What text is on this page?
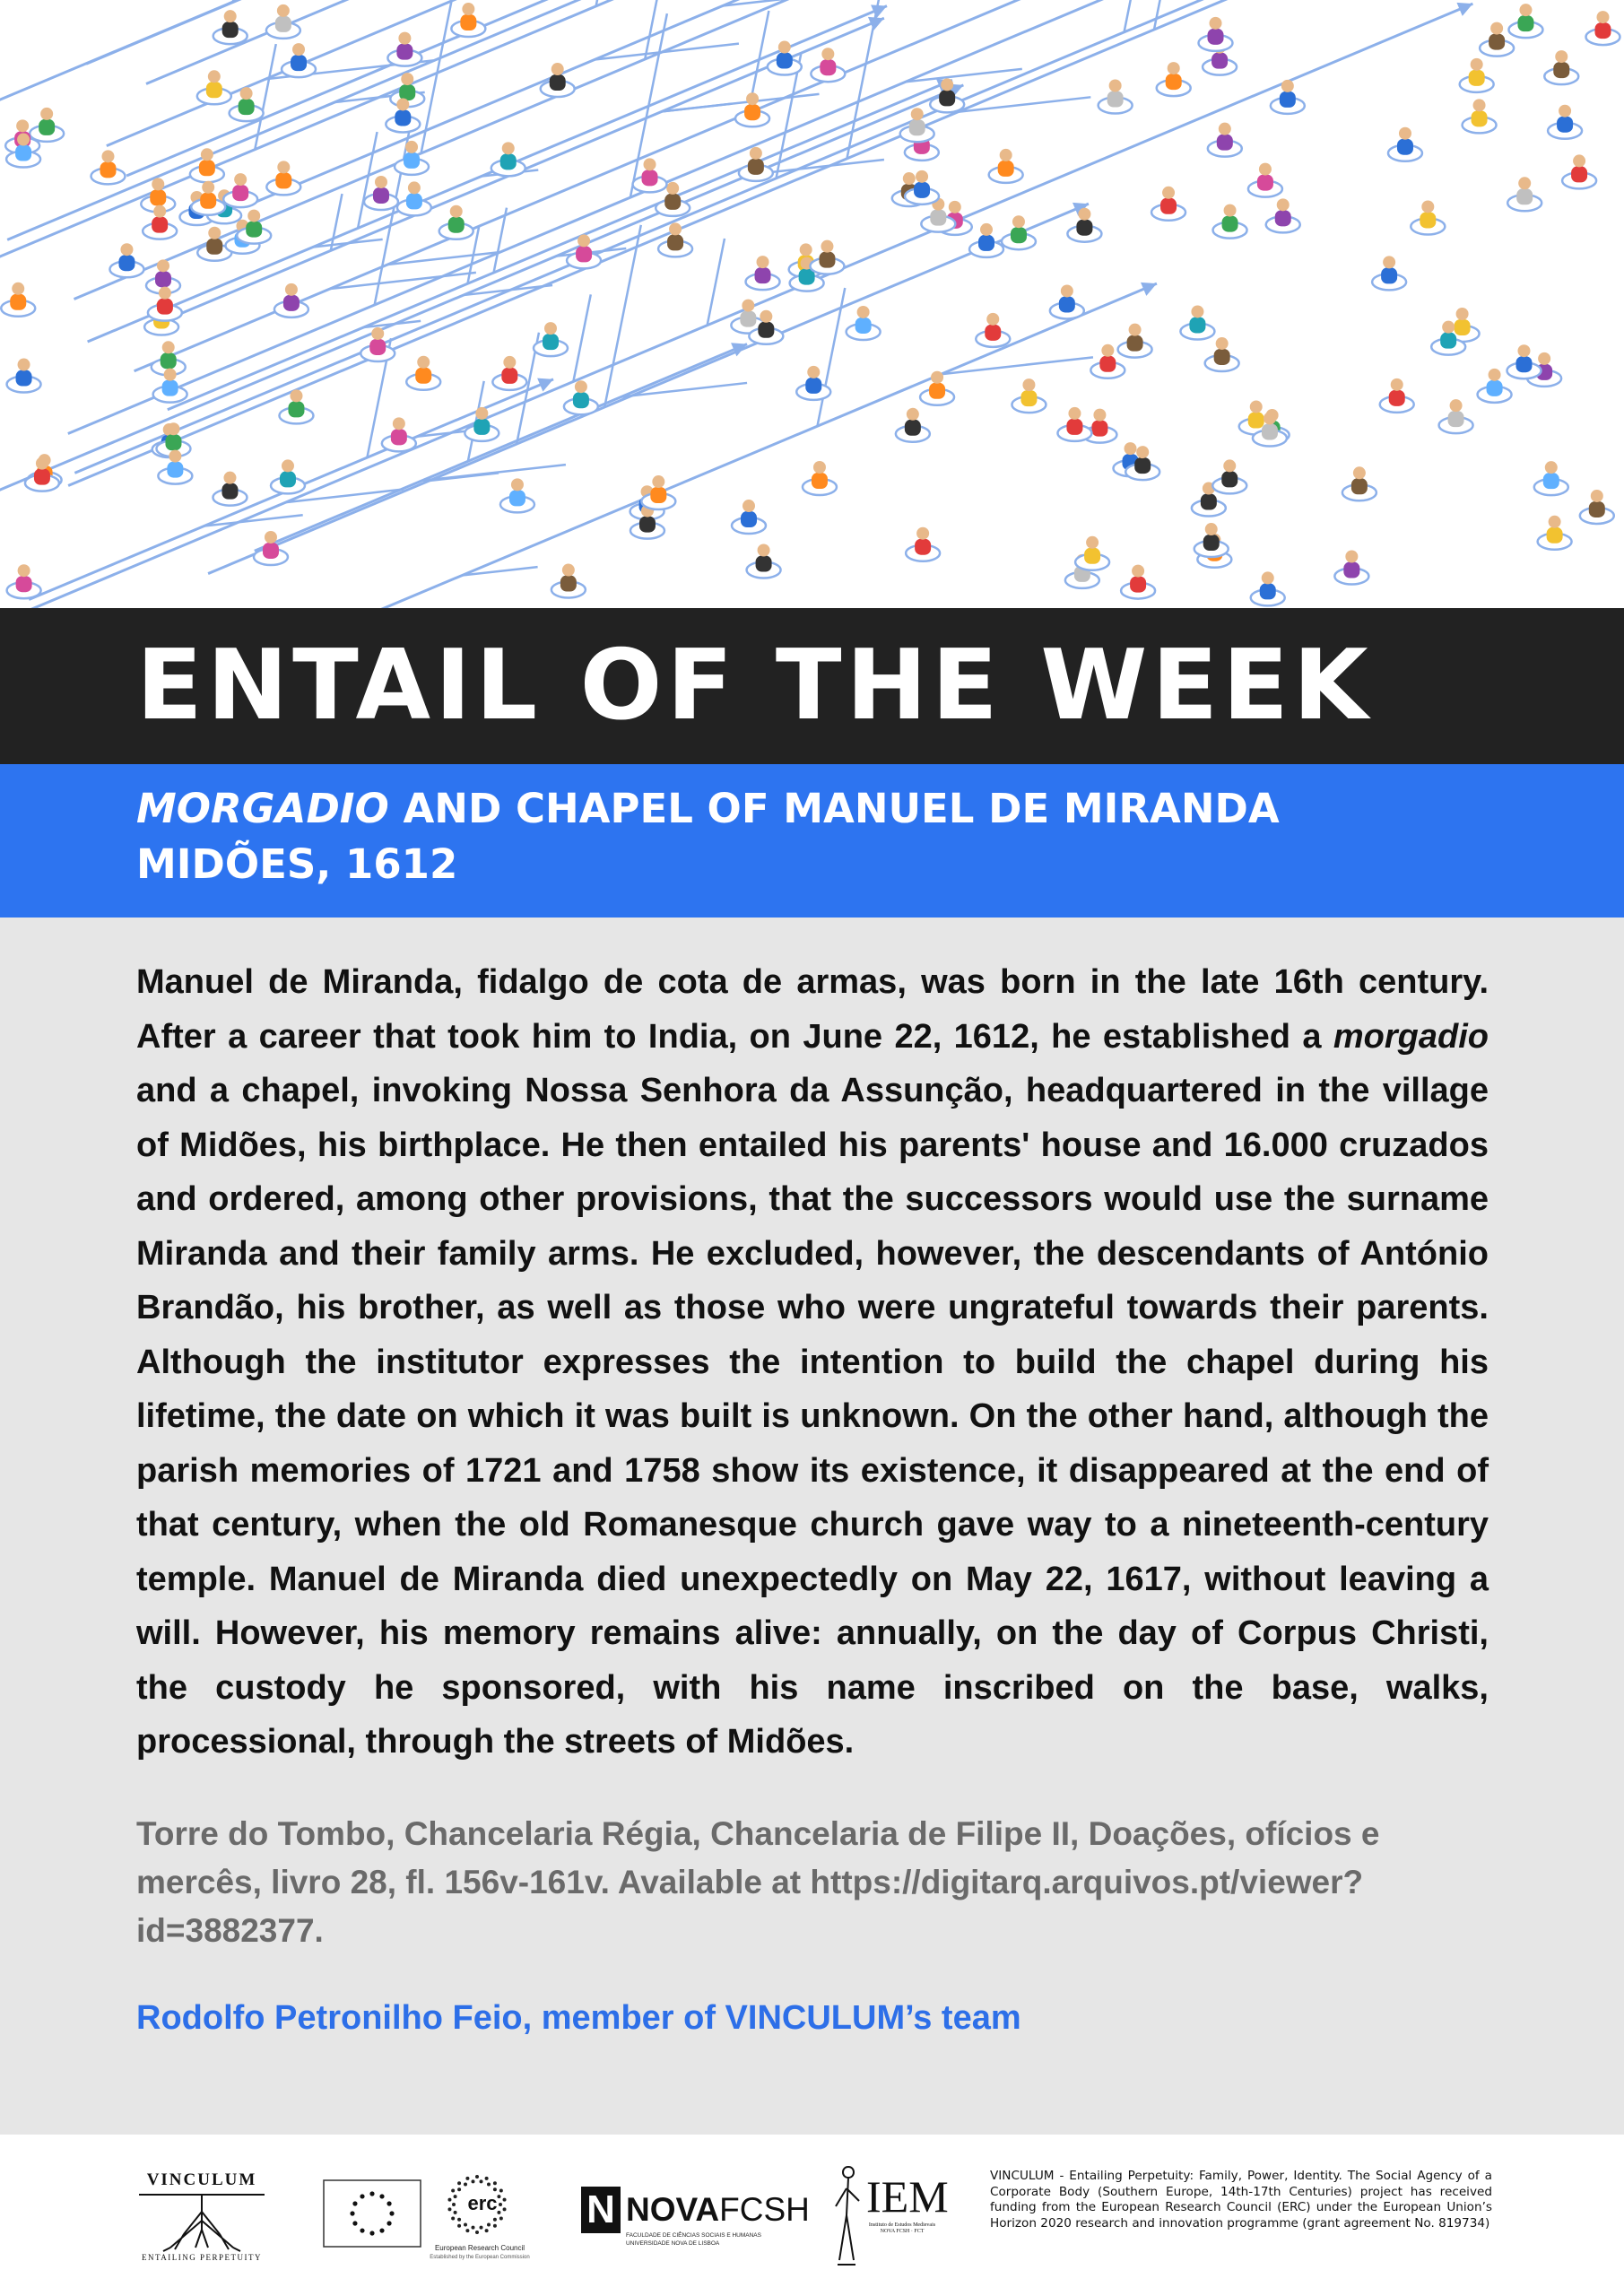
ENTAIL OF THE WEEK
MORGADIO AND CHAPEL OF MANUEL DE MIRANDA
MIDÕES, 1612

Manuel de Miranda, fidalgo de cota de armas, was born in the late 16th century. After a career that took him to India, on June 22, 1612, he established a morgadio and a chapel, invoking Nossa Senhora da Assunção, headquartered in the village of Midões, his birthplace. He then entailed his parents' house and 16.000 cruzados and ordered, among other provisions, that the successors would use the surname Miranda and their family arms. He excluded, however, the descendants of António Brandão, his brother, as well as those who were ungrateful towards their parents. Although the institutor expresses the intention to build the chapel during his lifetime, the date on which it was built is unknown. On the other hand, although the parish memories of 1721 and 1758 show its existence, it disappeared at the end of that century, when the old Romanesque church gave way to a nineteenth-century temple. Manuel de Miranda died unexpectedly on May 22, 1617, without leaving a will. However, his memory remains alive: annually, on the day of Corpus Christi, the custody he sponsored, with his name inscribed on the base, walks, processional, through the streets of Midões.

Torre do Tombo, Chancelaria Régia, Chancelaria de Filipe II, Doações, ofícios e mercês, livro 28, fl. 156v-161v. Available at https://digitarq.arquivos.pt/viewer?id=3882377.

Rodolfo Petronilho Feio, member of VINCULUM’s team

VINCULUM
ENTAILING PERPETUITY
erc
European Research Council
Established by the European Commission
N NOVAFCSH
FACULDADE DE CIÊNCIAS SOCIAIS E HUMANAS UNIVERSIDADE NOVA DE LISBOA
IEM
Instituto de Estudos Medievais NOVA FCSH · FCT

VINCULUM - Entailing Perpetuity: Family, Power, Identity. The Social Agency of a Corporate Body (Southern Europe, 14th-17th Centuries) project has received funding from the European Research Council (ERC) under the European Union’s Horizon 2020 research and innovation programme (grant agreement No. 819734)
